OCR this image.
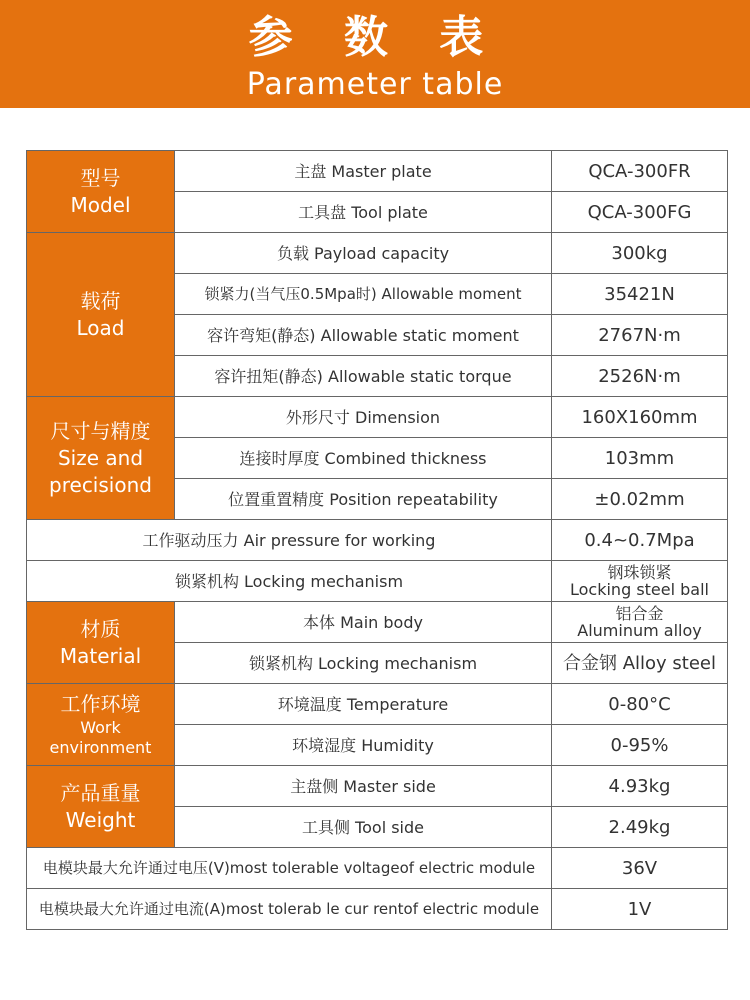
参 数 表
Parameter table
型号
Model	主盘 Master plate	QCA-300FR
	工具盘 Tool plate	QCA-300FG

载荷
Load	负载 Payload capacity	300kg
	锁紧力(当气压0.5Mpa时) Allowable moment	35421N
	容许弯矩(静态) Allowable static moment	2767N·m
	容许扭矩(静态) Allowable static torque	2526N·m

尺寸与精度
Size and
precisiond	外形尺寸 Dimension	160X160mm
	连接时厚度 Combined thickness	103mm
	位置重置精度 Position repeatability	±0.02mm
工作驱动压力 Air pressure for working		0.4~0.7Mpa
锁紧机构 Locking mechanism		钢珠锁紧
Locking steel ball

材质
Material	本体 Main body	铝合金
Aluminum alloy

	锁紧机构 Locking mechanism	合金钢 Alloy steel

工作环境
Work environment	环境温度 Temperature	0-80°C
	环境湿度 Humidity	0-95%

产品重量
Weight	主盘侧 Master side	4.93kg
	工具侧 Tool side	2.49kg
电模块最大允许通过电压(V)most tolerable voltageof electric module		36V
电模块最大允许通过电流(A)most tolerab le cur rentof electric module		1V
